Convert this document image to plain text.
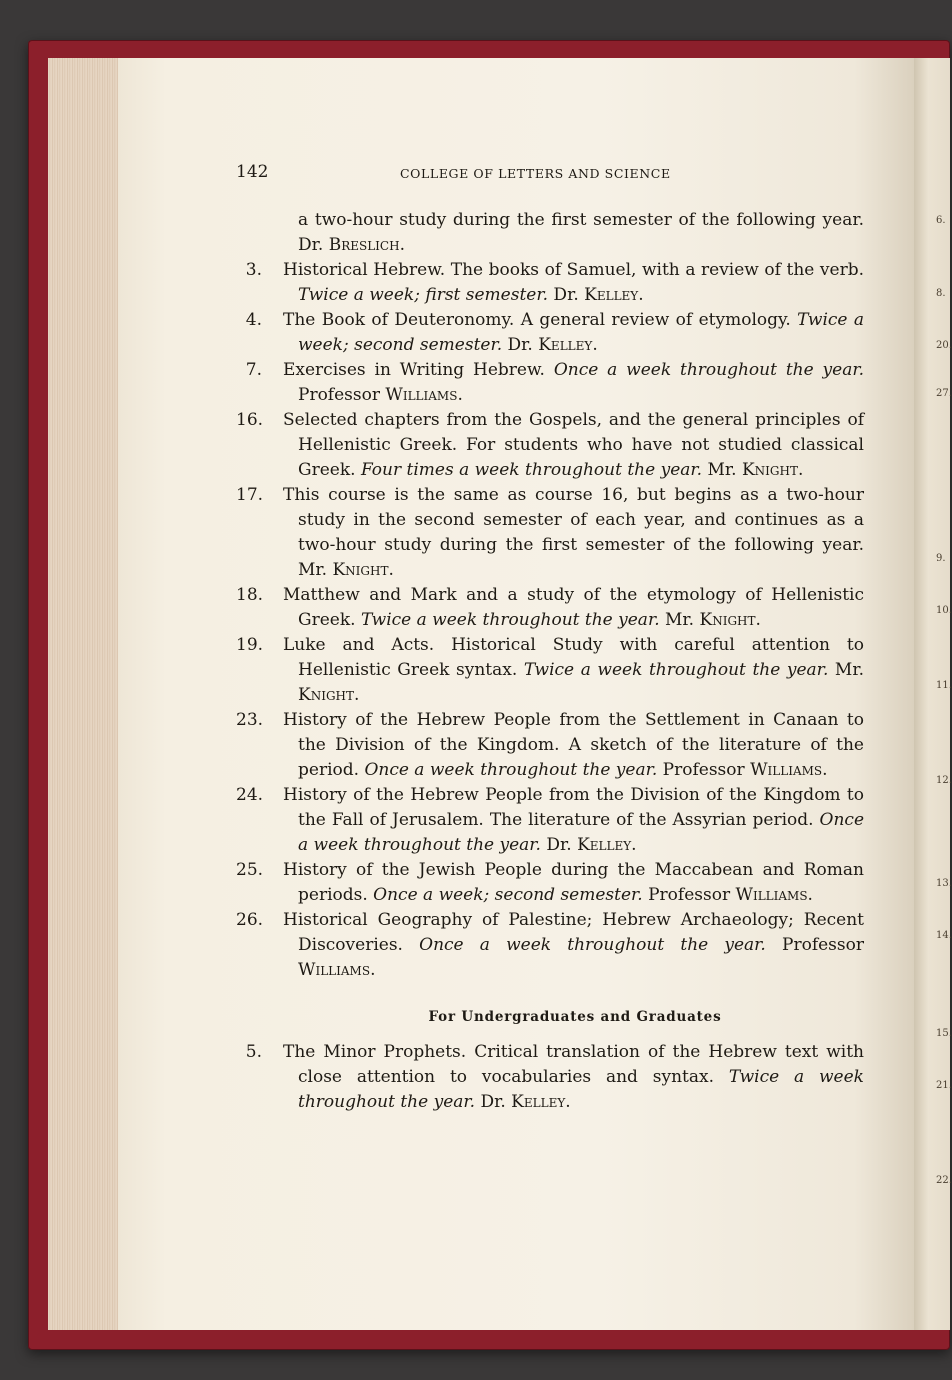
6.
8.
20.
27.
9.
10.
11.
12.
13.
14.
15.
21.
22.
142	COLLEGE OF LETTERS AND SCIENCE
a two-hour study during the first semester of the following year. Dr. Breslich.
3. Historical Hebrew. The books of Samuel, with a review of the verb. Twice a week; first semester. Dr. Kelley.
4. The Book of Deuteronomy. A general review of etymology. Twice a week; second semester. Dr. Kelley.
7. Exercises in Writing Hebrew. Once a week throughout the year. Professor Williams.
16. Selected chapters from the Gospels, and the general principles of Hellenistic Greek. For students who have not studied classical Greek. Four times a week throughout the year. Mr. Knight.
17. This course is the same as course 16, but begins as a two-hour study in the second semester of each year, and continues as a two-hour study during the first semester of the following year. Mr. Knight.
18. Matthew and Mark and a study of the etymology of Hellenistic Greek. Twice a week throughout the year. Mr. Knight.
19. Luke and Acts. Historical Study with careful attention to Hellenistic Greek syntax. Twice a week throughout the year. Mr. Knight.
23. History of the Hebrew People from the Settlement in Canaan to the Division of the Kingdom. A sketch of the literature of the period. Once a week throughout the year. Professor Williams.
24. History of the Hebrew People from the Division of the Kingdom to the Fall of Jerusalem. The literature of the Assyrian period. Once a week throughout the year. Dr. Kelley.
25. History of the Jewish People during the Maccabean and Roman periods. Once a week; second semester. Professor Williams.
26. Historical Geography of Palestine; Hebrew Archaeology; Recent Discoveries. Once a week throughout the year. Professor Williams.
For Undergraduates and Graduates
5. The Minor Prophets. Critical translation of the Hebrew text with close attention to vocabularies and syntax. Twice a week throughout the year. Dr. Kelley.
